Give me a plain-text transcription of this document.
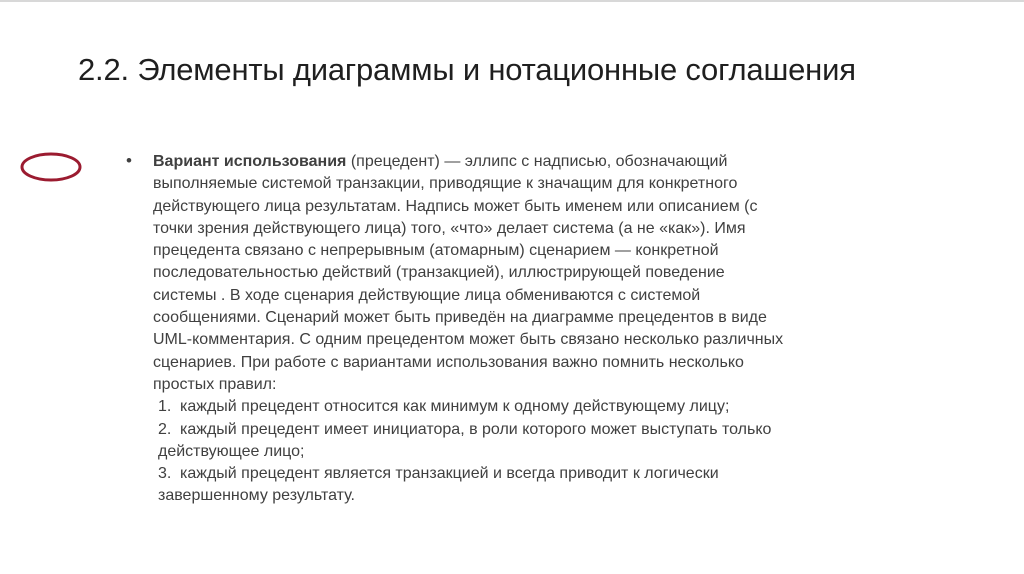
2.2. Элементы диаграммы и нотационные соглашения
• Вариант использования (прецедент) — эллипс с надписью, обозначающий
выполняемые системой транзакции, приводящие к значащим для конкретного
действующего лица результатам. Надпись может быть именем или описанием (с
точки зрения действующего лица) того, «что» делает система (а не «как»). Имя
прецедента связано с непрерывным (атомарным) сценарием — конкретной
последовательностью действий (транзакцией), иллюстрирующей поведение
системы . В ходе сценария действующие лица обмениваются с системой
сообщениями. Сценарий может быть приведён на диаграмме прецедентов в виде
UML-комментария. С одним прецедентом может быть связано несколько различных
сценариев. При работе с вариантами использования важно помнить несколько
простых правил:
1. каждый прецедент относится как минимум к одному действующему лицу;
2. каждый прецедент имеет инициатора, в роли которого может выступать только
действующее лицо;
3. каждый прецедент является транзакцией и всегда приводит к логически
завершенному результату.
